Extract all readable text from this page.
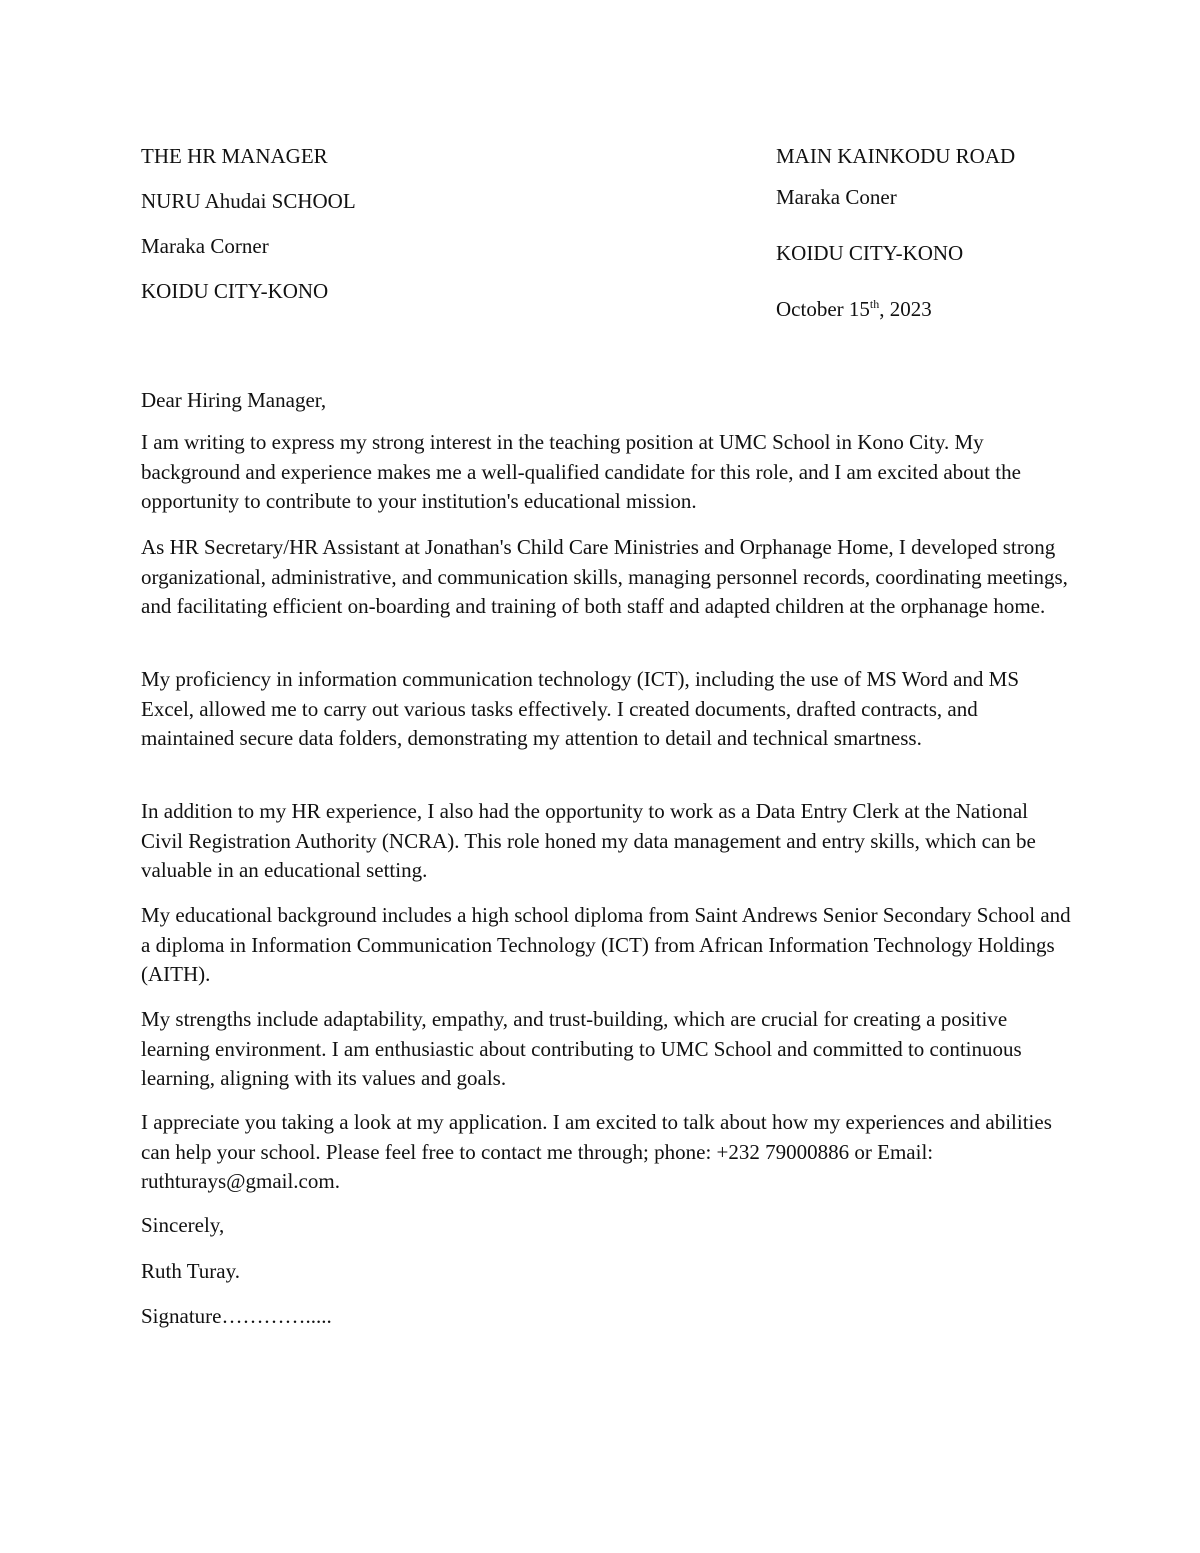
THE HR MANAGER
NURU Ahudai SCHOOL
Maraka Corner
KOIDU CITY-KONO
MAIN KAINKODU ROAD
Maraka Coner
KOIDU CITY-KONO
October 15th, 2023
Dear Hiring Manager,

I am writing to express my strong interest in the teaching position at UMC School in Kono City. My background and experience makes me a well-qualified candidate for this role, and I am excited about the opportunity to contribute to your institution's educational mission.

As HR Secretary/HR Assistant at Jonathan's Child Care Ministries and Orphanage Home, I developed strong organizational, administrative, and communication skills, managing personnel records, coordinating meetings, and facilitating efficient on-boarding and training of both staff and adapted children at the orphanage home.

My proficiency in information communication technology (ICT), including the use of MS Word and MS Excel, allowed me to carry out various tasks effectively. I created documents, drafted contracts, and maintained secure data folders, demonstrating my attention to detail and technical smartness.

In addition to my HR experience, I also had the opportunity to work as a Data Entry Clerk at the National Civil Registration Authority (NCRA). This role honed my data management and entry skills, which can be valuable in an educational setting.

My educational background includes a high school diploma from Saint Andrews Senior Secondary School and a diploma in Information Communication Technology (ICT) from African Information Technology Holdings (AITH).

My strengths include adaptability, empathy, and trust-building, which are crucial for creating a positive learning environment. I am enthusiastic about contributing to UMC School and committed to continuous learning, aligning with its values and goals.

I appreciate you taking a look at my application. I am excited to talk about how my experiences and abilities can help your school. Please feel free to contact me through; phone: +232 79000886 or Email: ruthturays@gmail.com.

Sincerely,
Ruth Turay.
Signature………….....
